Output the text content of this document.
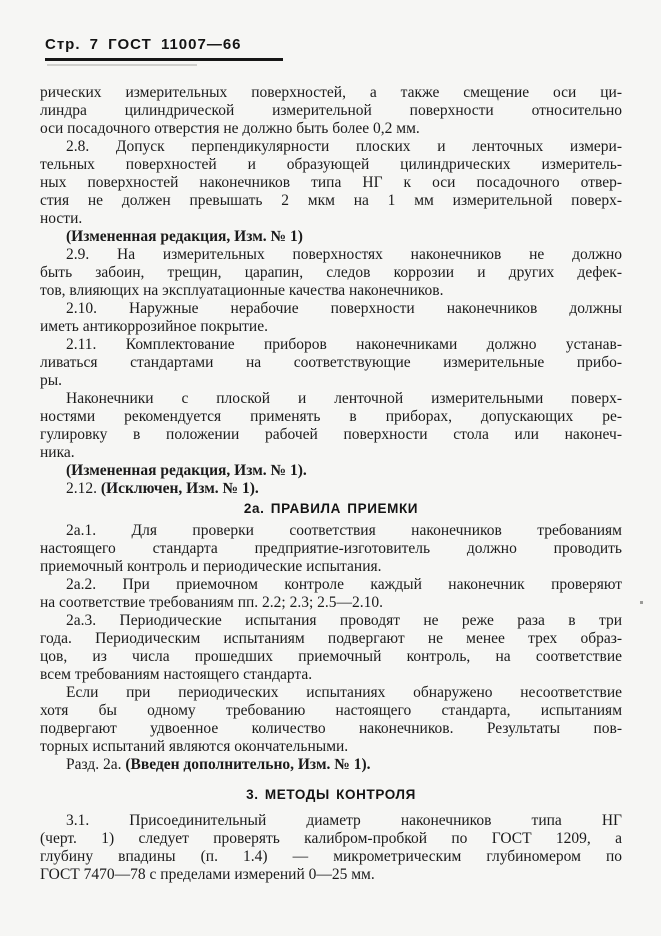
Стр. 7 ГОСТ 11007—66
рических измерительных поверхностей, а также смещение оси ци-
линдра цилиндрической измерительной поверхности относительно
оси посадочного отверстия не должно быть более 0,2 мм.
2.8. Допуск перпендикулярности плоских и ленточных измери-
тельных поверхностей и образующей цилиндрических измеритель-
ных поверхностей наконечников типа НГ к оси посадочного отвер-
стия не должен превышать 2 мкм на 1 мм измерительной поверх-
ности.
(Измененная редакция, Изм. № 1)
2.9. На измерительных поверхностях наконечников не должно
быть забоин, трещин, царапин, следов коррозии и других дефек-
тов, влияющих на эксплуатационные качества наконечников.
2.10. Наружные нерабочие поверхности наконечников должны
иметь антикоррозийное покрытие.
2.11. Комплектование приборов наконечниками должно устанав-
ливаться стандартами на соответствующие измерительные прибо-
ры.
Наконечники с плоской и ленточной измерительными поверх-
ностями рекомендуется применять в приборах, допускающих ре-
гулировку в положении рабочей поверхности стола или наконеч-
ника.
(Измененная редакция, Изм. № 1).
2.12. (Исключен, Изм. № 1).
2а. ПРАВИЛА ПРИЕМКИ
2а.1. Для проверки соответствия наконечников требованиям
настоящего стандарта предприятие-изготовитель должно проводить
приемочный контроль и периодические испытания.
2а.2. При приемочном контроле каждый наконечник проверяют
на соответствие требованиям пп. 2.2; 2.3; 2.5—2.10.
2а.3. Периодические испытания проводят не реже раза в три
года. Периодическим испытаниям подвергают не менее трех образ-
цов, из числа прошедших приемочный контроль, на соответствие
всем требованиям настоящего стандарта.
Если при периодических испытаниях обнаружено несоответствие
хотя бы одному требованию настоящего стандарта, испытаниям
подвергают удвоенное количество наконечников. Результаты пов-
торных испытаний являются окончательными.
Разд. 2а. (Введен дополнительно, Изм. № 1).
3. МЕТОДЫ КОНТРОЛЯ
3.1. Присоединительный диаметр наконечников типа НГ
(черт. 1) следует проверять калибром-пробкой по ГОСТ 1209, а
глубину впадины (п. 1.4) — микрометрическим глубиномером по
ГОСТ 7470—78 с пределами измерений 0—25 мм.
